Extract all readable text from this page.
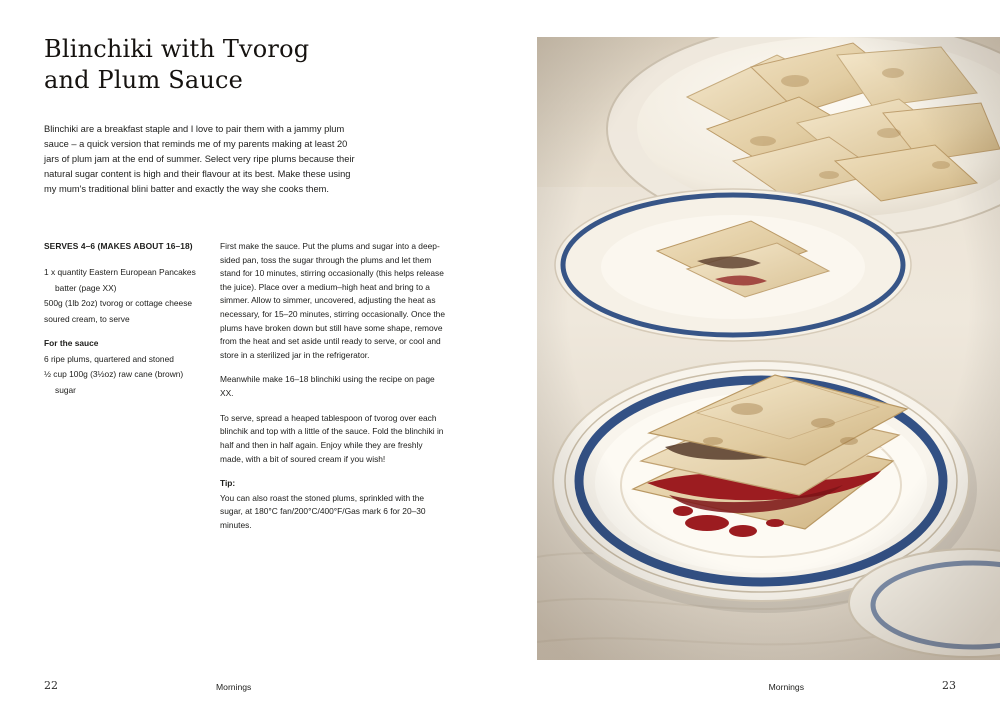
Blinchiki with Tvorog and Plum Sauce
Blinchiki are a breakfast staple and I love to pair them with a jammy plum sauce – a quick version that reminds me of my parents making at least 20 jars of plum jam at the end of summer. Select very ripe plums because their natural sugar content is high and their flavour at its best. Make these using my mum's traditional blini batter and exactly the way she cooks them.
SERVES 4–6 (MAKES ABOUT 16–18)
1 x quantity Eastern European Pancakes
batter (page XX)
500g (1lb 2oz) tvorog or cottage cheese
soured cream, to serve
For the sauce
6 ripe plums, quartered and stoned
½ cup 100g (3½oz) raw cane (brown)
sugar

First make the sauce. Put the plums and sugar into a deep-sided pan, toss the sugar through the plums and let them stand for 10 minutes, stirring occasionally (this helps release the juice). Place over a medium–high heat and bring to a simmer. Allow to simmer, uncovered, adjusting the heat as necessary, for 15–20 minutes, stirring occasionally. Once the plums have broken down but still have some shape, remove from the heat and set aside until ready to serve, or cool and store in a sterilized jar in the refrigerator.

Meanwhile make 16–18 blinchiki using the recipe on page XX.

To serve, spread a heaped tablespoon of tvorog over each blinchik and top with a little of the sauce. Fold the blinchiki in half and then in half again. Enjoy while they are freshly made, with a bit of soured cream if you wish!

Tip:

You can also roast the stoned plums, sprinkled with the sugar, at 180°C fan/200°C/400°F/Gas mark 6 for 20–30 minutes.

22	Mornings	Mornings	23
